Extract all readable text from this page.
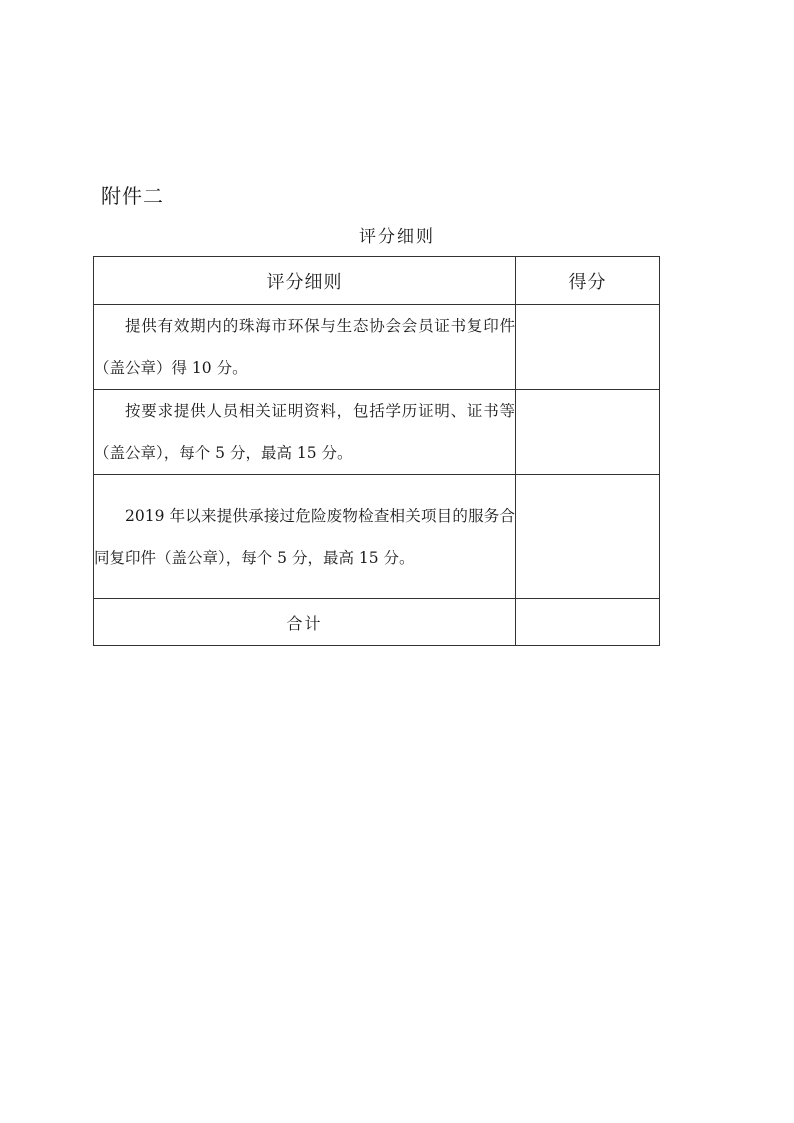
附件二
评分细则
评分细则	得分
提供有效期内的珠海市环保与生态协会会员证书复印件（盖公章）得 10 分。	
按要求提供人员相关证明资料，包括学历证明、证书等（盖公章），每个 5 分，最高 15 分。	
2019 年以来提供承接过危险废物检查相关项目的服务合同复印件（盖公章），每个 5 分，最高 15 分。	
合计	
